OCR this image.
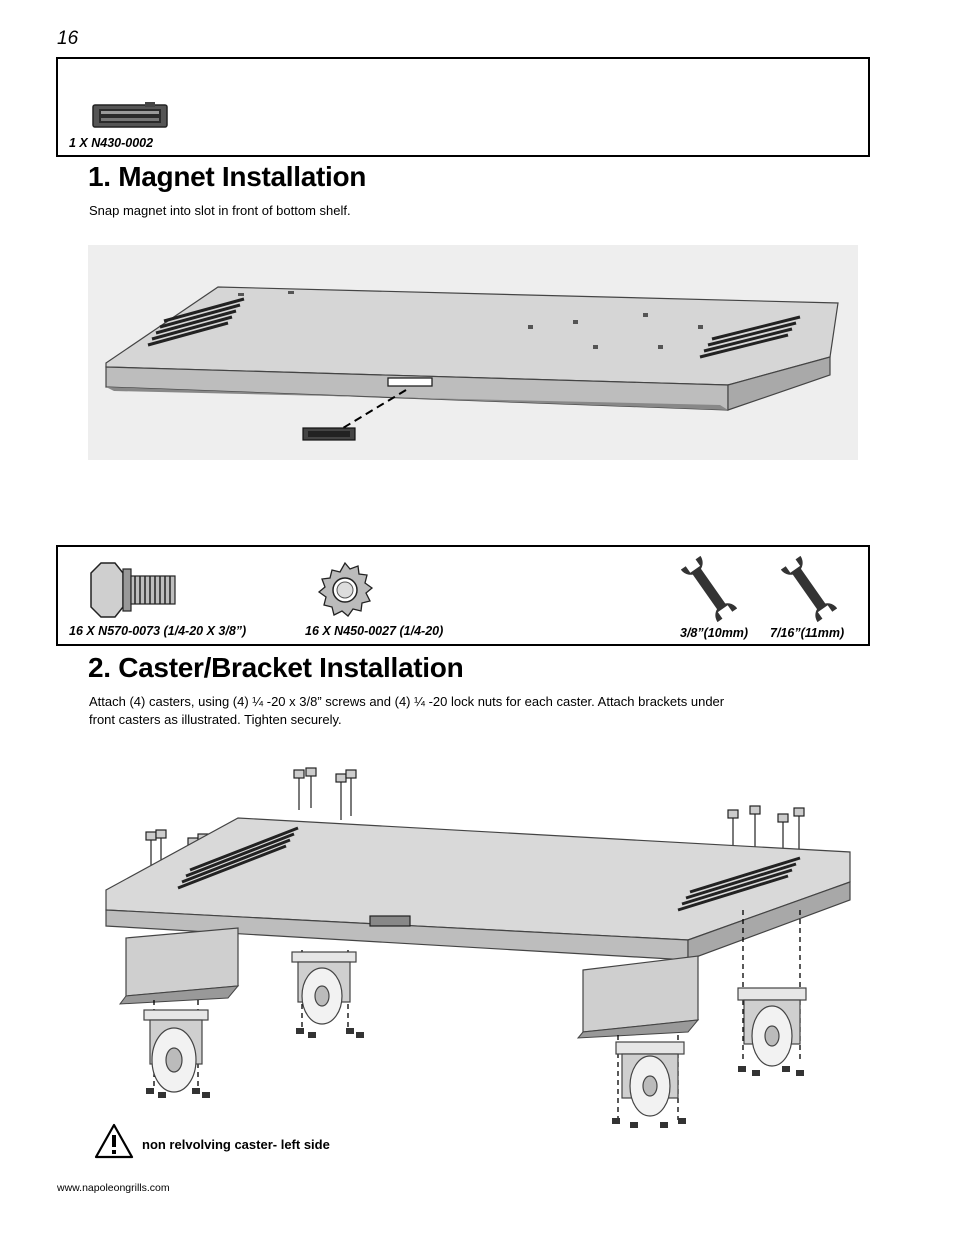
16
1 X N430-0002
1. Magnet Installation
Snap magnet into slot in front of bottom shelf.
16 X N570-0073 (1/4-20 X 3/8”)	16 X N450-0027 (1/4-20)	3/8”(10mm) 7/16”(11mm)
2. Caster/Bracket Installation
Attach (4) casters, using (4) ¼ -20 x 3/8” screws and (4) ¼ -20 lock nuts for each caster. Attach brackets under
front casters as illustrated. Tighten securely.
non relvolving caster- left side
www.napoleongrills.com
